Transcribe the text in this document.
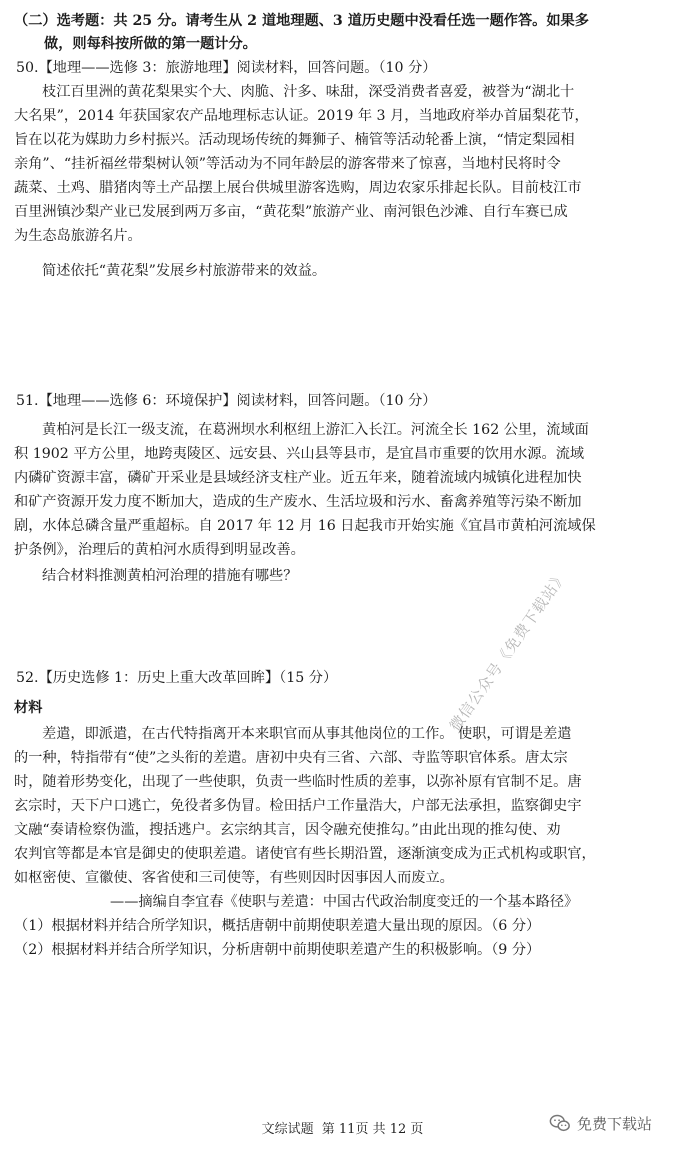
（二）选考题：共 25 分。请考生从 2 道地理题、3 道历史题中没看任选一题作答。如果多
做，则每科按所做的第一题计分。
50.【地理——选修 3：旅游地理】阅读材料，回答问题。（10 分）
枝江百里洲的黄花梨果实个大、肉脆、汁多、味甜，深受消费者喜爱，被誉为“湖北十
大名果”，2014 年获国家农产品地理标志认证。2019 年 3 月，当地政府举办首届梨花节，
旨在以花为媒助力乡村振兴。活动现场传统的舞狮子、楠管等活动轮番上演，“情定梨园相
亲角”、“挂祈福丝带梨树认领”等活动为不同年龄层的游客带来了惊喜，当地村民将时令
蔬菜、土鸡、腊猪肉等土产品摆上展台供城里游客选购，周边农家乐排起长队。目前枝江市
百里洲镇沙梨产业已发展到两万多亩，“黄花梨”旅游产业、南河银色沙滩、自行车赛已成
为生态岛旅游名片。
简述依托“黄花梨”发展乡村旅游带来的效益。
51.【地理——选修 6：环境保护】阅读材料，回答问题。（10 分）
黄柏河是长江一级支流，在葛洲坝水利枢纽上游汇入长江。河流全长 162 公里，流域面
积 1902 平方公里，地跨夷陵区、远安县、兴山县等县市，是宜昌市重要的饮用水源。流域
内磷矿资源丰富，磷矿开采业是县域经济支柱产业。近五年来，随着流域内城镇化进程加快
和矿产资源开发力度不断加大，造成的生产废水、生活垃圾和污水、畜禽养殖等污染不断加
剧，水体总磷含量严重超标。自 2017 年 12 月 16 日起我市开始实施《宜昌市黄柏河流域保
护条例》，治理后的黄柏河水质得到明显改善。
结合材料推测黄柏河治理的措施有哪些？
52.【历史选修 1：历史上重大改革回眸】（15 分）
材料
差遣，即派遣，在古代特指离开本来职官而从事其他岗位的工作。 使职，可谓是差遣
的一种，特指带有“使”之头衔的差遣。唐初中央有三省、六部、寺监等职官体系。唐太宗
时，随着形势变化，出现了一些使职，负责一些临时性质的差事，以弥补原有官制不足。唐
玄宗时，天下户口逃亡，免役者多伪冒。检田括户工作量浩大，户部无法承担，监察御史宇
文融“奏请检察伪滥，搜括逃户。玄宗纳其言，因令融充使推勾。”由此出现的推勾使、劝
农判官等都是本官是御史的使职差遣。诸使官有些长期沿置，逐渐演变成为正式机构或职官，
如枢密使、宣徽使、客省使和三司使等，有些则因时因事因人而废立。
——摘编自李宜春《使职与差遣：中国古代政治制度变迁的一个基本路径》
（1）根据材料并结合所学知识，概括唐朝中前期使职差遣大量出现的原因。（6 分）
（2）根据材料并结合所学知识，分析唐朝中前期使职差遣产生的积极影响。（9 分）
微信公众号《免费下载站》
文综试题 第 11页 共 12 页	免费下载站
